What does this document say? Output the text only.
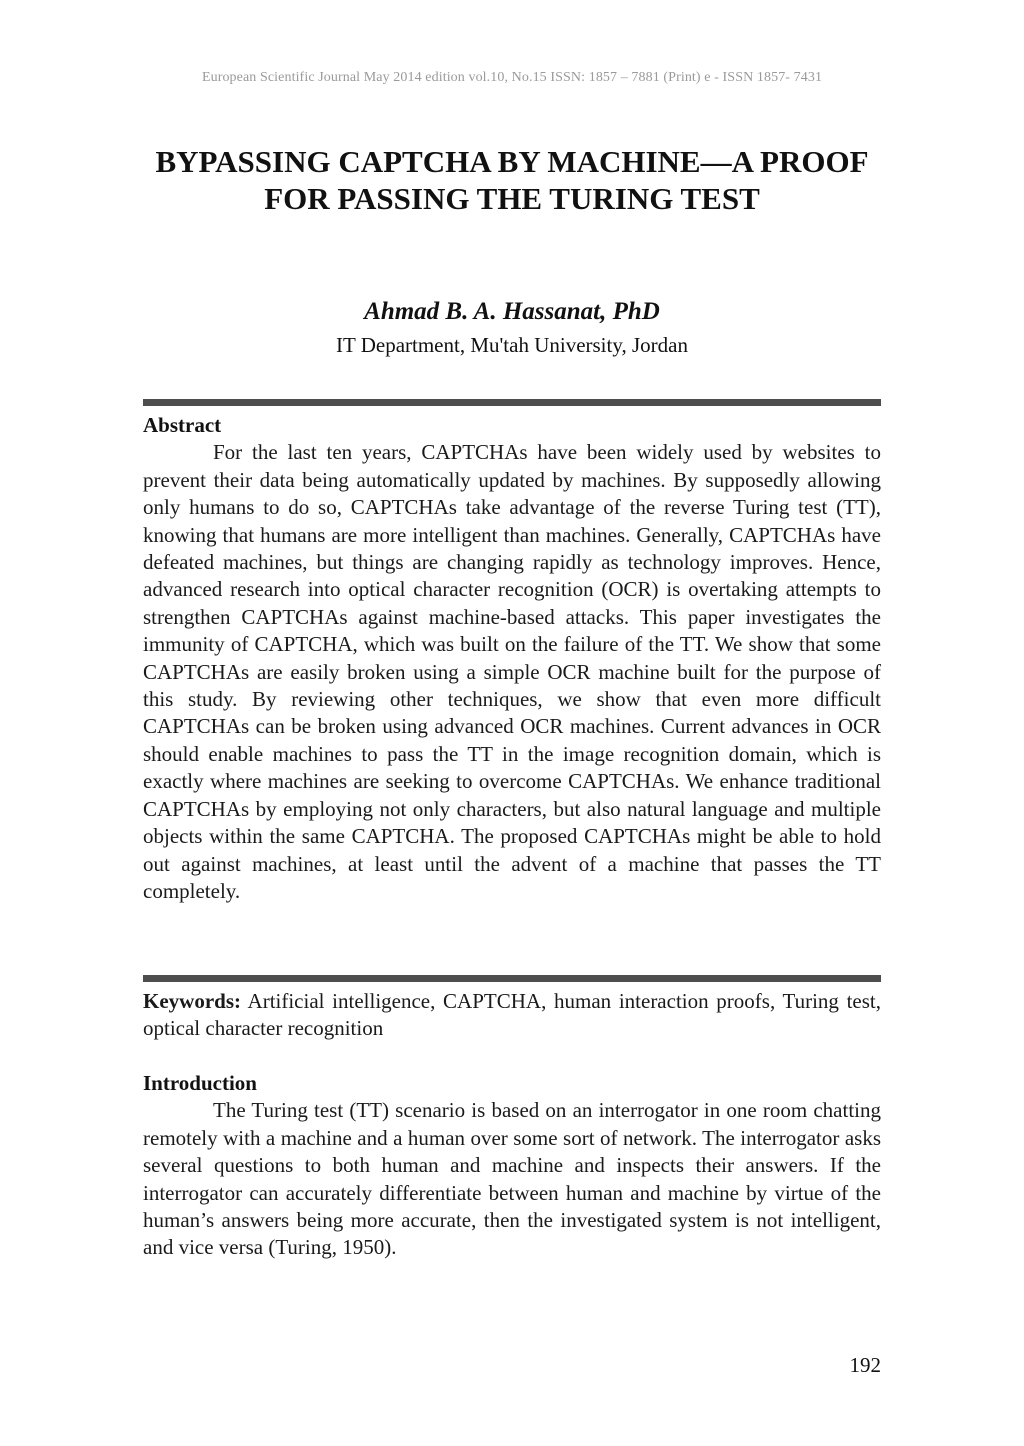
European Scientific Journal May 2014 edition vol.10, No.15 ISSN: 1857 – 7881 (Print) e - ISSN 1857- 7431
BYPASSING CAPTCHA BY MACHINE—A PROOF FOR PASSING THE TURING TEST
Ahmad B. A. Hassanat, PhD
IT Department, Mu'tah University, Jordan
Abstract

For the last ten years, CAPTCHAs have been widely used by websites to prevent their data being automatically updated by machines. By supposedly allowing only humans to do so, CAPTCHAs take advantage of the reverse Turing test (TT), knowing that humans are more intelligent than machines. Generally, CAPTCHAs have defeated machines, but things are changing rapidly as technology improves. Hence, advanced research into optical character recognition (OCR) is overtaking attempts to strengthen CAPTCHAs against machine-based attacks. This paper investigates the immunity of CAPTCHA, which was built on the failure of the TT. We show that some CAPTCHAs are easily broken using a simple OCR machine built for the purpose of this study. By reviewing other techniques, we show that even more difficult CAPTCHAs can be broken using advanced OCR machines. Current advances in OCR should enable machines to pass the TT in the image recognition domain, which is exactly where machines are seeking to overcome CAPTCHAs. We enhance traditional CAPTCHAs by employing not only characters, but also natural language and multiple objects within the same CAPTCHA. The proposed CAPTCHAs might be able to hold out against machines, at least until the advent of a machine that passes the TT completely.

Keywords: Artificial intelligence, CAPTCHA, human interaction proofs, Turing test, optical character recognition
Introduction

The Turing test (TT) scenario is based on an interrogator in one room chatting remotely with a machine and a human over some sort of network. The interrogator asks several questions to both human and machine and inspects their answers. If the interrogator can accurately differentiate between human and machine by virtue of the human’s answers being more accurate, then the investigated system is not intelligent, and vice versa (Turing, 1950).

192
